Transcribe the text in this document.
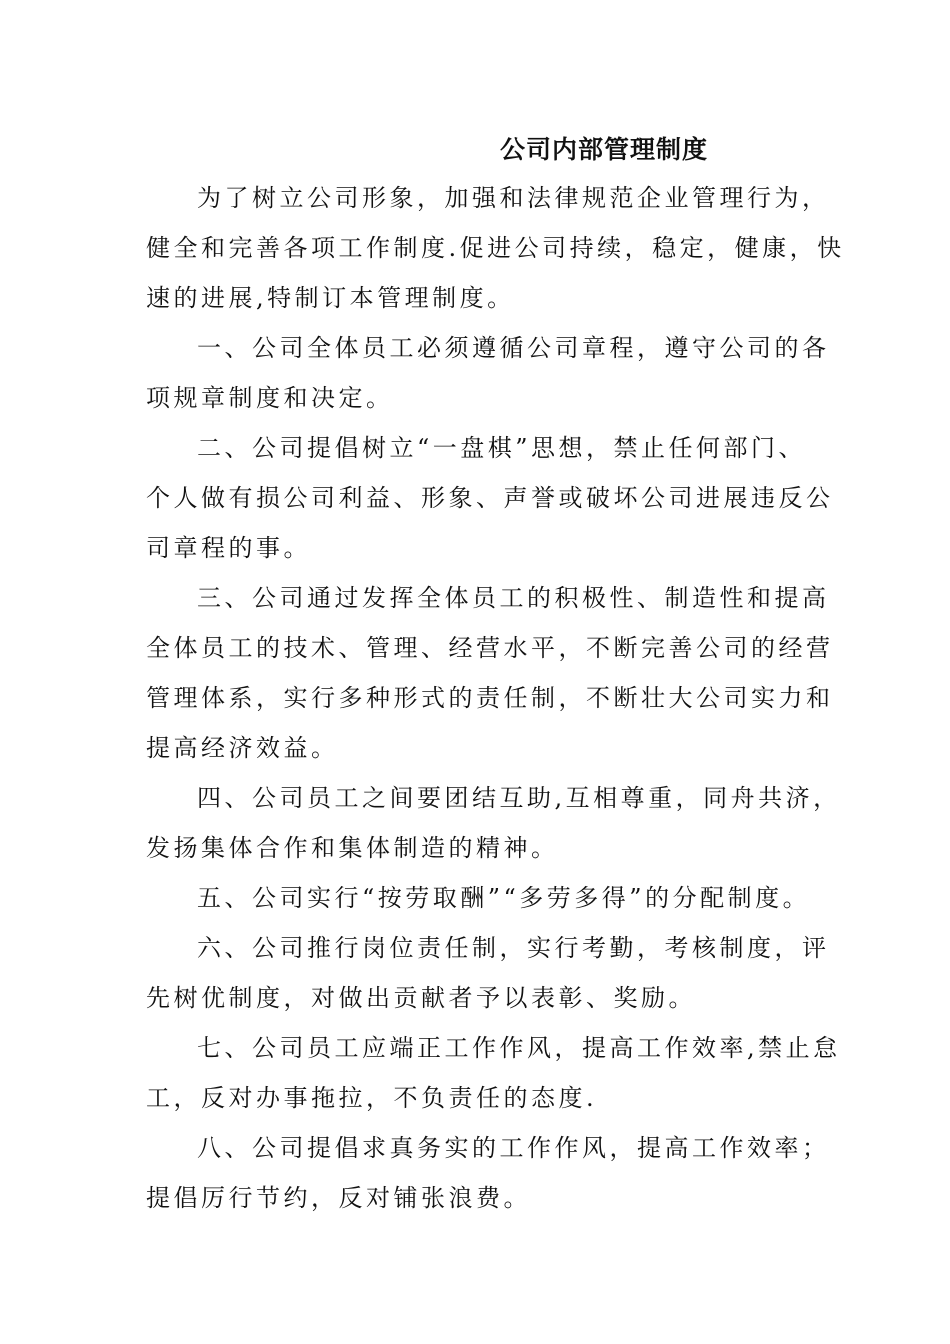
公司内部管理制度
为了树立公司形象，加强和法律规范企业管理行为，
健全和完善各项工作制度.促进公司持续，稳定，健康，快
速的进展,特制订本管理制度。
一、公司全体员工必须遵循公司章程，遵守公司的各
项规章制度和决定。
二、公司提倡树立“一盘棋”思想，禁止任何部门、
个人做有损公司利益、形象、声誉或破坏公司进展违反公
司章程的事。
三、公司通过发挥全体员工的积极性、制造性和提高
全体员工的技术、管理、经营水平，不断完善公司的经营
管理体系，实行多种形式的责任制，不断壮大公司实力和
提高经济效益。
四、公司员工之间要团结互助,互相尊重，同舟共济，
发扬集体合作和集体制造的精神。
五、公司实行“按劳取酬”“多劳多得”的分配制度。
六、公司推行岗位责任制，实行考勤，考核制度，评
先树优制度，对做出贡献者予以表彰、奖励。
七、公司员工应端正工作作风，提高工作效率,禁止怠
工，反对办事拖拉，不负责任的态度.
八、公司提倡求真务实的工作作风，提高工作效率；
提倡厉行节约，反对铺张浪费。
